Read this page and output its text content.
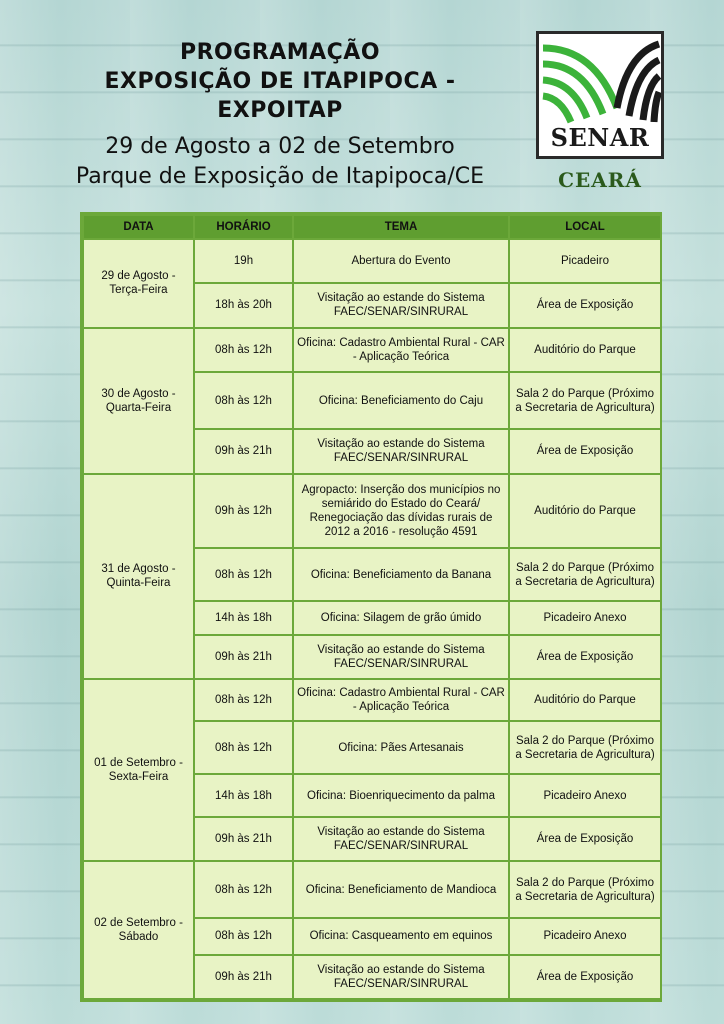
PROGRAMAÇÃO
EXPOSIÇÃO DE ITAPIPOCA -
EXPOITAP
29 de Agosto a 02 de Setembro
Parque de Exposição de Itapipoca/CE
SENAR
CEARÁ
DATA	HORÁRIO	TEMA	LOCAL
29 de Agosto - Terça-Feira	19h	Abertura do Evento	Picadeiro
	18h às 20h	Visitação ao estande do Sistema FAEC/SENAR/SINRURAL	Área de Exposição
30 de Agosto - Quarta-Feira	08h às 12h	Oficina: Cadastro Ambiental Rural - CAR - Aplicação Teórica	Auditório do Parque
	08h às 12h	Oficina: Beneficiamento do Caju	Sala 2 do Parque (Próximo a Secretaria de Agricultura)
	09h às 21h	Visitação ao estande do Sistema FAEC/SENAR/SINRURAL	Área de Exposição
31 de Agosto - Quinta-Feira	09h às 12h	Agropacto: Inserção dos municípios no semiárido do Estado do Ceará/ Renegociação das dívidas rurais de 2012 a 2016 - resolução 4591	Auditório do Parque
	08h às 12h	Oficina: Beneficiamento da Banana	Sala 2 do Parque (Próximo a Secretaria de Agricultura)
	14h às 18h	Oficina: Silagem de grão úmido	Picadeiro Anexo
	09h às 21h	Visitação ao estande do Sistema FAEC/SENAR/SINRURAL	Área de Exposição
01 de Setembro - Sexta-Feira	08h às 12h	Oficina: Cadastro Ambiental Rural - CAR - Aplicação Teórica	Auditório do Parque
	08h às 12h	Oficina: Pães Artesanais	Sala 2 do Parque (Próximo a Secretaria de Agricultura)
	14h às 18h	Oficina: Bioenriquecimento da palma	Picadeiro Anexo
	09h às 21h	Visitação ao estande do Sistema FAEC/SENAR/SINRURAL	Área de Exposição
02 de Setembro - Sábado	08h às 12h	Oficina: Beneficiamento de Mandioca	Sala 2 do Parque (Próximo a Secretaria de Agricultura)
	08h às 12h	Oficina: Casqueamento em equinos	Picadeiro Anexo
	09h às 21h	Visitação ao estande do Sistema FAEC/SENAR/SINRURAL	Área de Exposição
